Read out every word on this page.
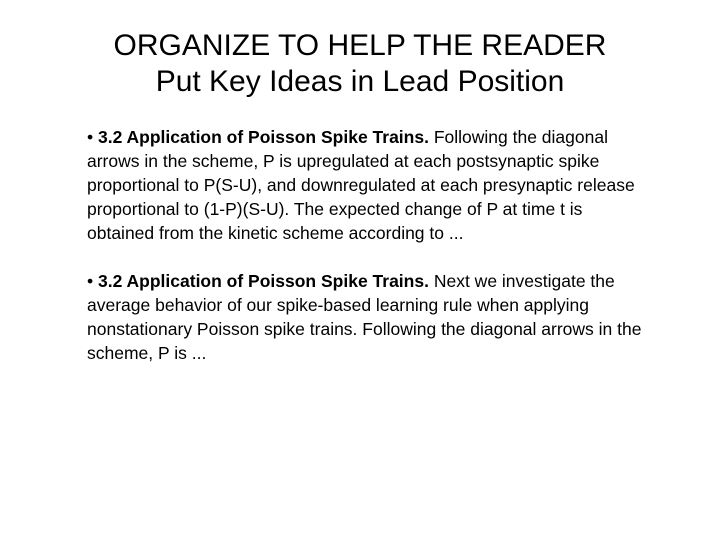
ORGANIZE TO HELP THE READER
Put Key Ideas in Lead Position

• 3.2 Application of Poisson Spike Trains. Following the diagonal arrows in the scheme, P is upregulated at each postsynaptic spike proportional to P(S-U), and downregulated at each presynaptic release proportional to (1-P)(S-U). The expected change of P at time t is obtained from the kinetic scheme according to ...

• 3.2 Application of Poisson Spike Trains. Next we investigate the average behavior of our spike-based learning rule when applying nonstationary Poisson spike trains. Following the diagonal arrows in the scheme, P is ...
